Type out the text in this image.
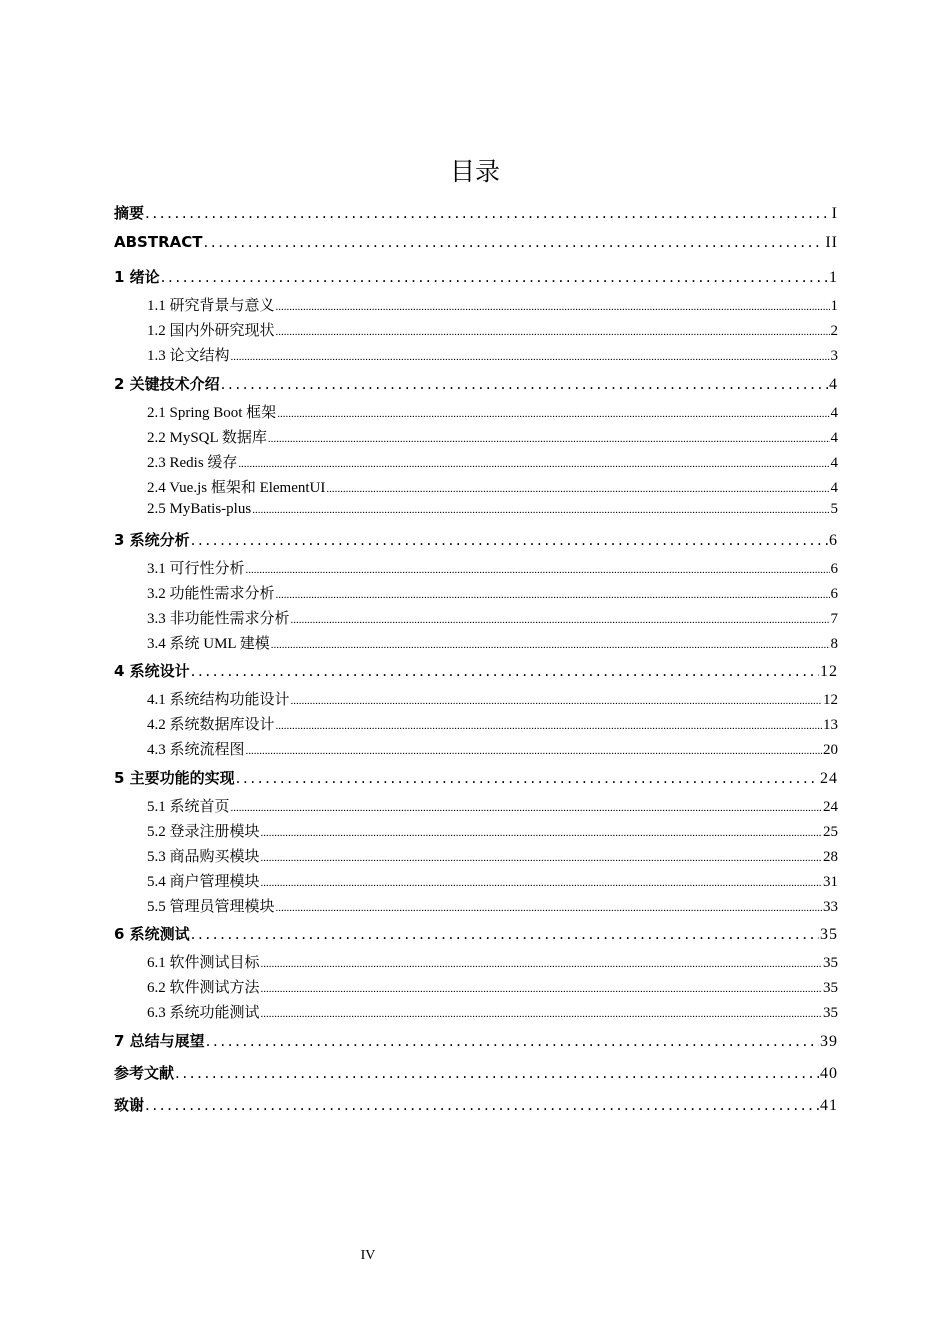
目录
摘要 .....	I
ABSTRACT .....	II
1 绪论 .....	1
1.1 研究背景与意义 .....	1
1.2 国内外研究现状 .....	2
1.3 论文结构 .....	3
2 关键技术介绍 .....	4
2.1 Spring Boot 框架 .....	4
2.2 MySQL 数据库 .....	4
2.3 Redis 缓存 .....	4
2.4 Vue.js 框架和 ElementUI .....	4
2.5 MyBatis-plus .....	5
3 系统分析 .....	6
3.1 可行性分析 .....	6
3.2 功能性需求分析 .....	6
3.3 非功能性需求分析 .....	7
3.4 系统 UML 建模 .....	8
4 系统设计 .....	12
4.1 系统结构功能设计 .....	12
4.2 系统数据库设计 .....	13
4.3 系统流程图 .....	20
5 主要功能的实现 .....	24
5.1 系统首页 .....	24
5.2 登录注册模块 .....	25
5.3 商品购买模块 .....	28
5.4 商户管理模块 .....	31
5.5 管理员管理模块 .....	33
6 系统测试 .....	35
6.1 软件测试目标 .....	35
6.2 软件测试方法 .....	35
6.3 系统功能测试 .....	35
7 总结与展望 .....	39
参考文献 .....	40
致谢 .....	41
IV
